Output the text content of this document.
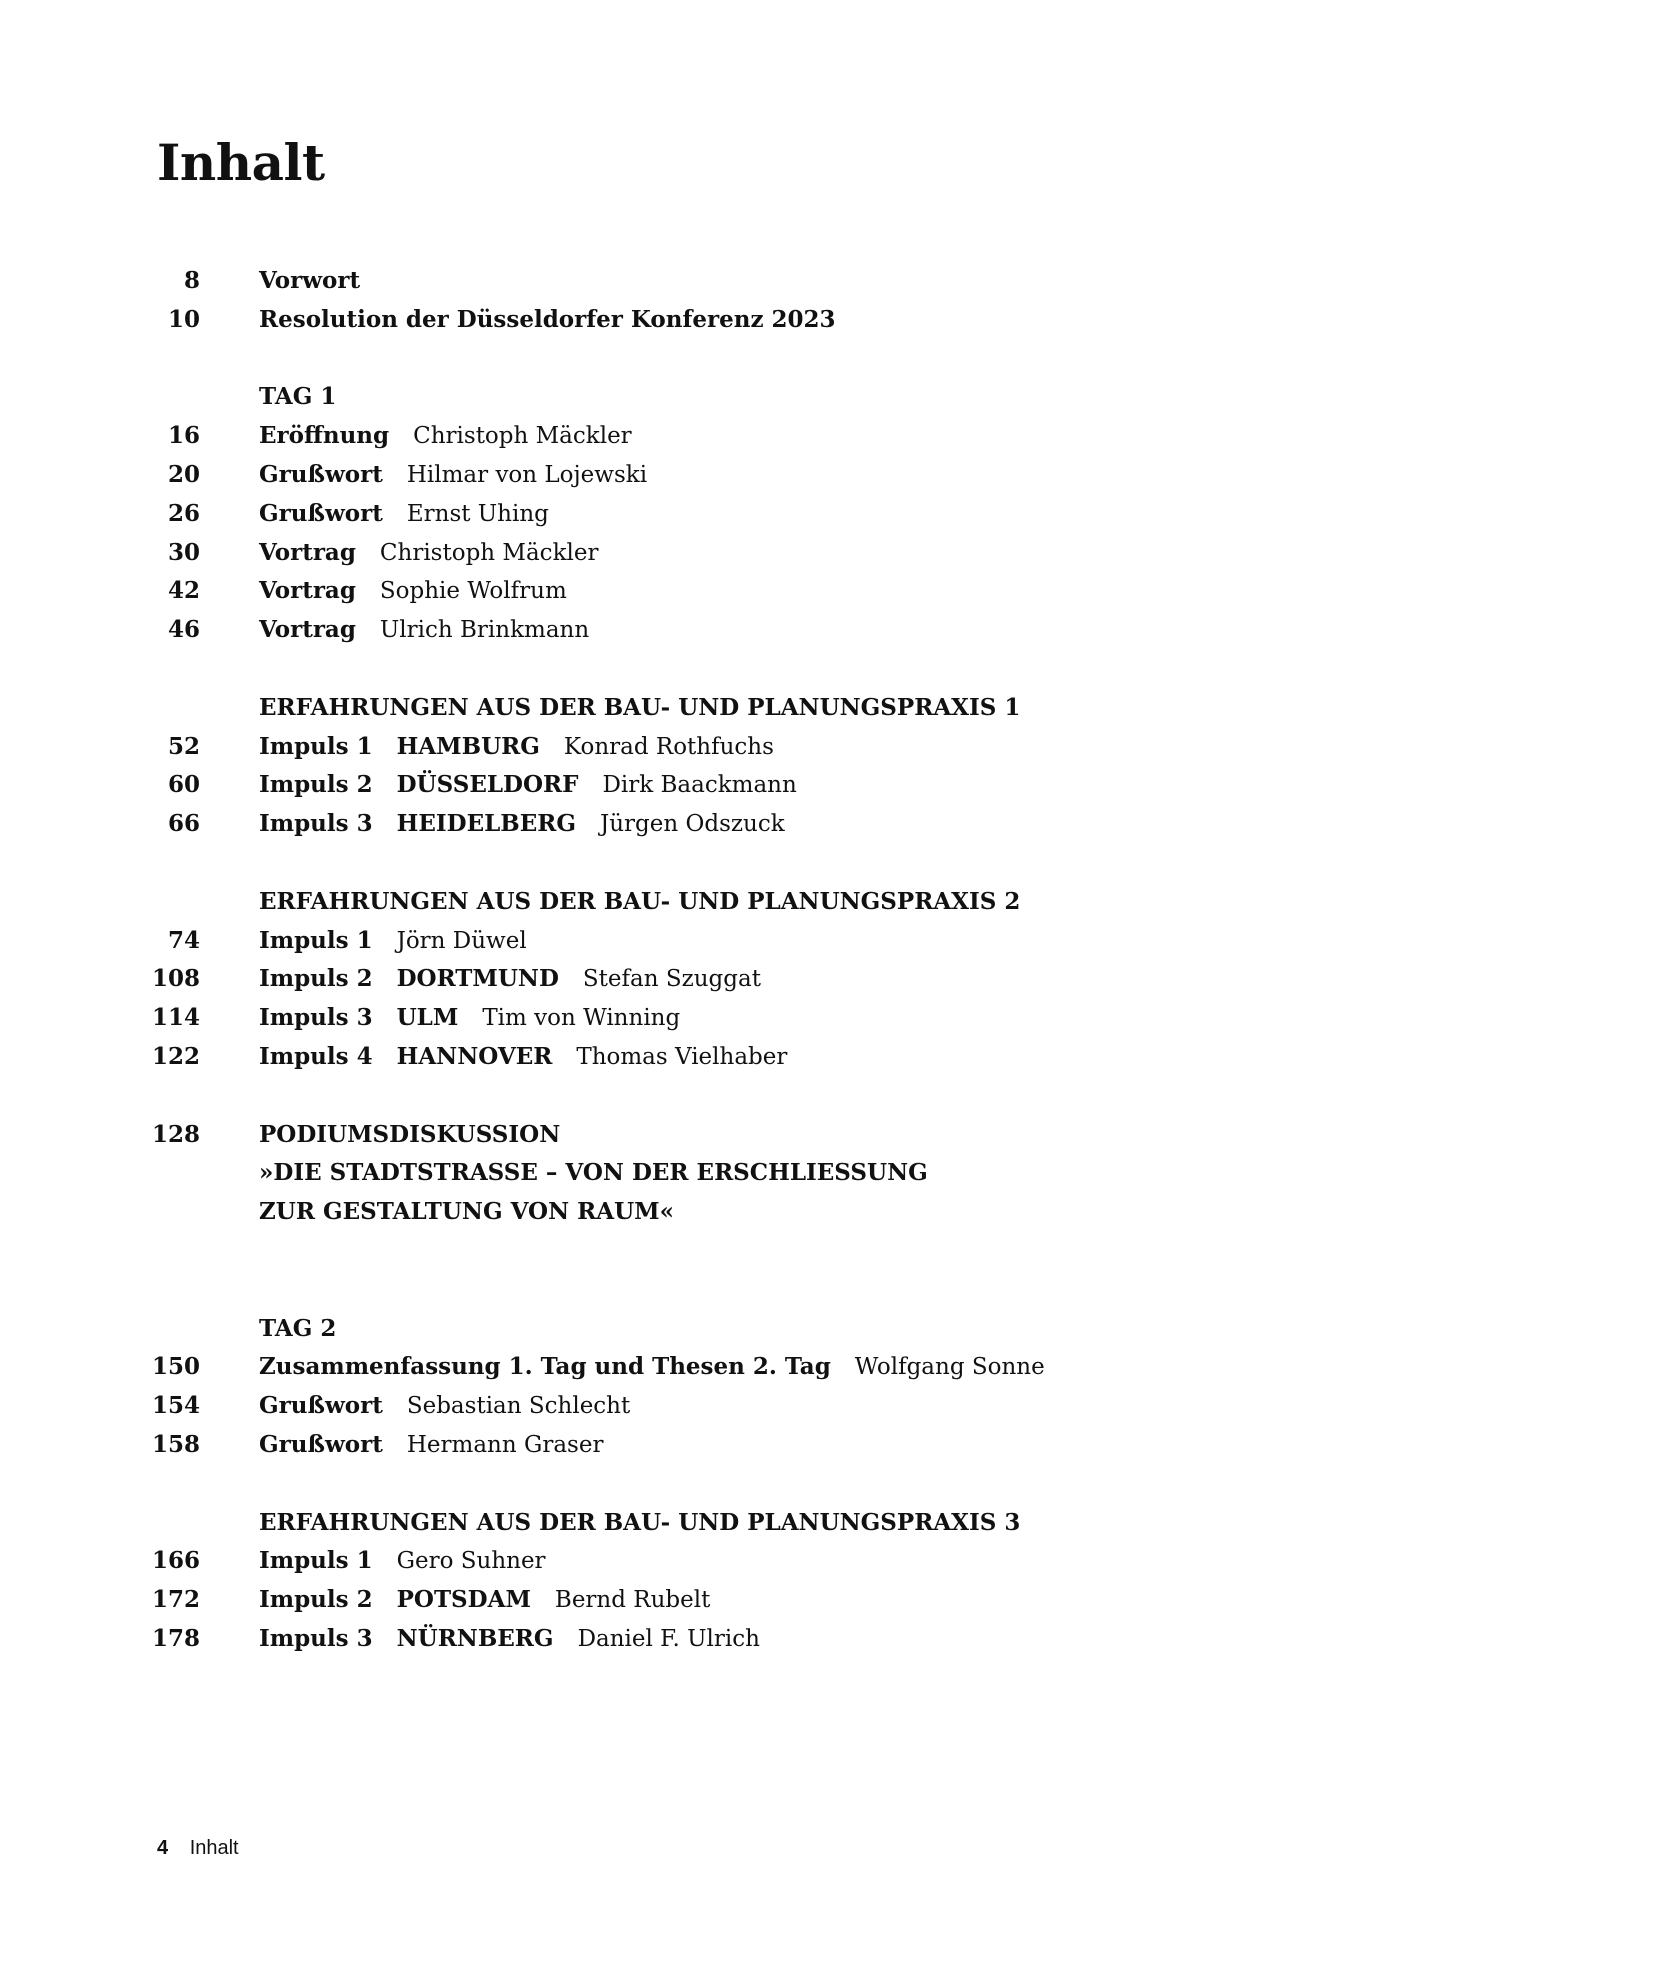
Inhalt
8	Vorwort
10	Resolution der Düsseldorfer Konferenz 2023
TAG 1
16	Eröffnung Christoph Mäckler
20	Grußwort Hilmar von Lojewski
26	Grußwort Ernst Uhing
30	Vortrag Christoph Mäckler
42	Vortrag Sophie Wolfrum
46	Vortrag Ulrich Brinkmann
ERFAHRUNGEN AUS DER BAU- UND PLANUNGSPRAXIS 1
52	Impuls 1 HAMBURG Konrad Rothfuchs
60	Impuls 2 DÜSSELDORF Dirk Baackmann
66	Impuls 3 HEIDELBERG Jürgen Odszuck
ERFAHRUNGEN AUS DER BAU- UND PLANUNGSPRAXIS 2
74	Impuls 1 Jörn Düwel
108	Impuls 2 DORTMUND Stefan Szuggat
114	Impuls 3 ULM Tim von Winning
122	Impuls 4 HANNOVER Thomas Vielhaber
128	PODIUMSDISKUSSION
»DIE STADTSTRASSE – VON DER ERSCHLIESSUNG
ZUR GESTALTUNG VON RAUM«
TAG 2
150	Zusammenfassung 1. Tag und Thesen 2. Tag Wolfgang Sonne
154	Grußwort Sebastian Schlecht
158	Grußwort Hermann Graser
ERFAHRUNGEN AUS DER BAU- UND PLANUNGSPRAXIS 3
166	Impuls 1 Gero Suhner
172	Impuls 2 POTSDAM Bernd Rubelt
178	Impuls 3 NÜRNBERG Daniel F. Ulrich
4 Inhalt
